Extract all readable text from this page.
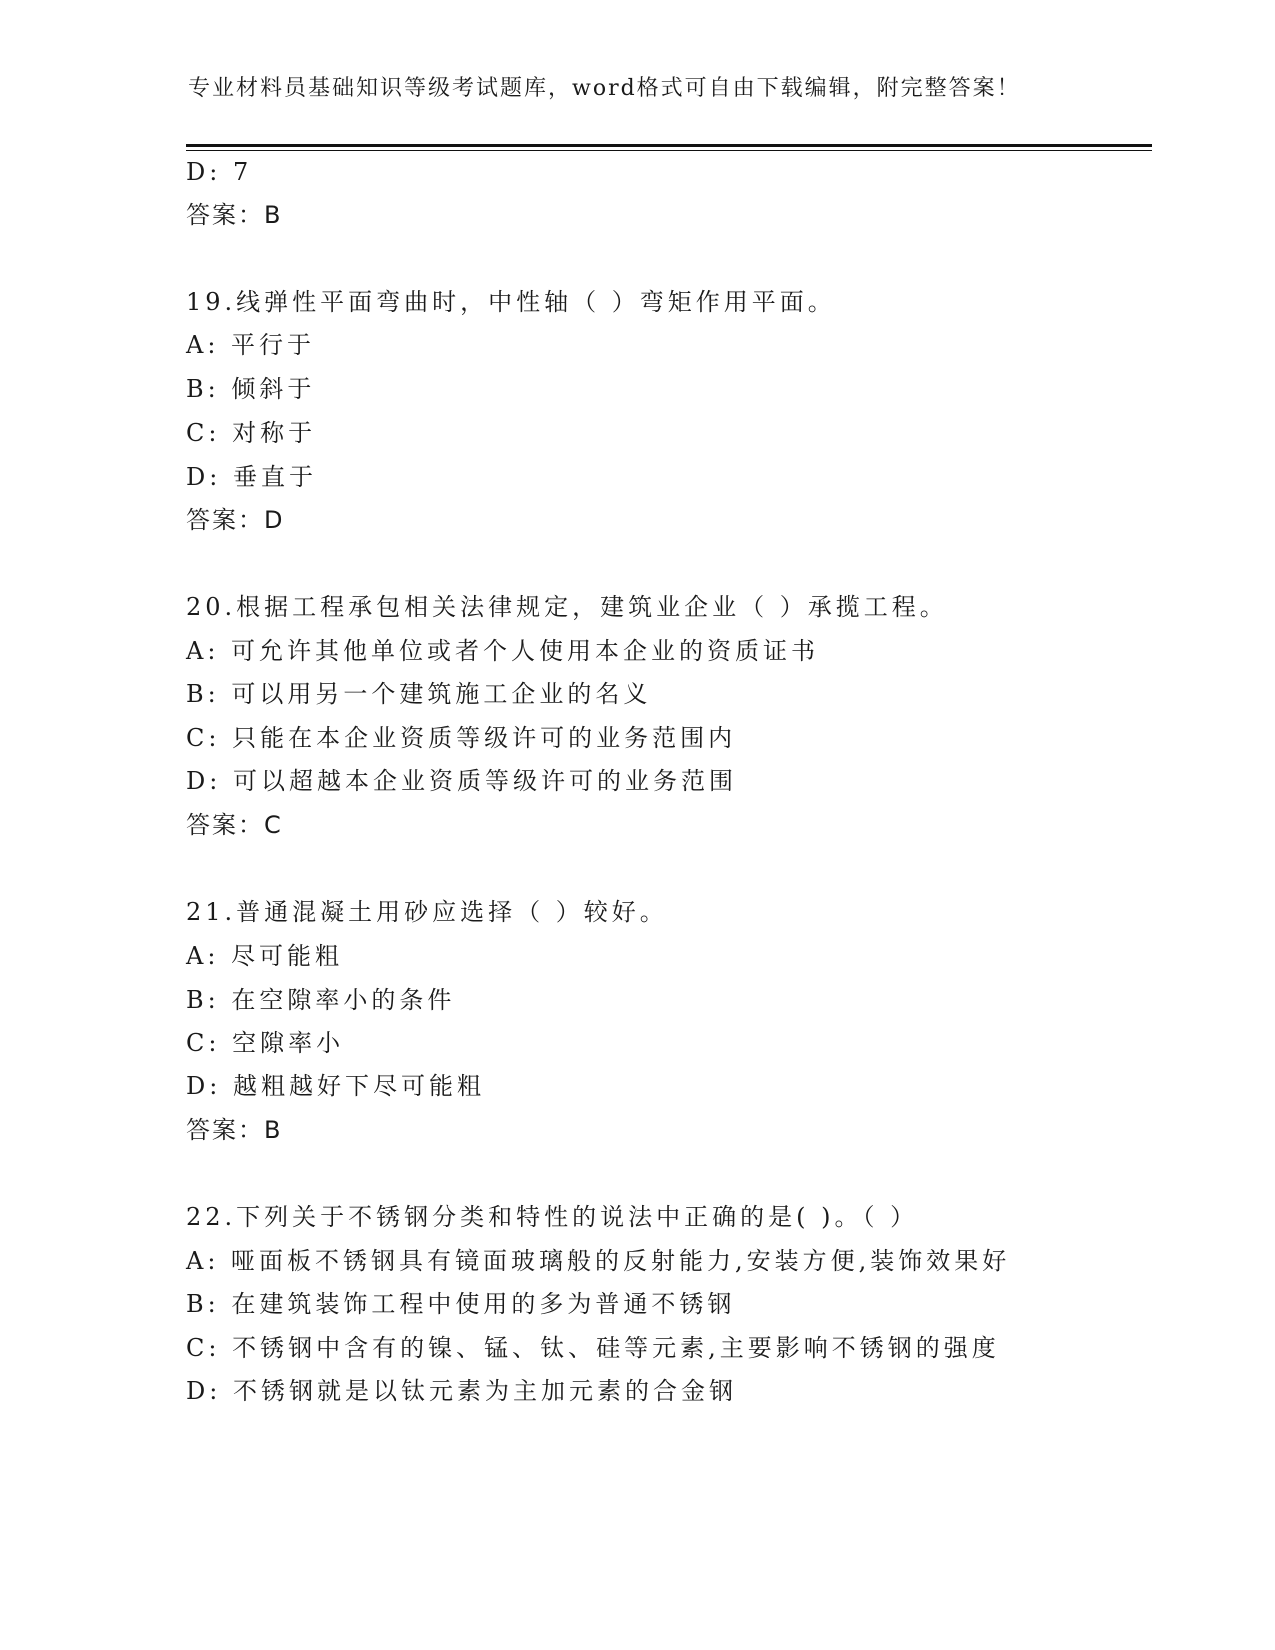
专业材料员基础知识等级考试题库，word格式可自由下载编辑，附完整答案！
D: 7
答案：B
19.线弹性平面弯曲时，中性轴（ ）弯矩作用平面。
A: 平行于
B: 倾斜于
C: 对称于
D: 垂直于
答案：D
20.根据工程承包相关法律规定，建筑业企业（ ）承揽工程。
A: 可允许其他单位或者个人使用本企业的资质证书
B: 可以用另一个建筑施工企业的名义
C: 只能在本企业资质等级许可的业务范围内
D: 可以超越本企业资质等级许可的业务范围
答案：C
21.普通混凝土用砂应选择（ ）较好。
A: 尽可能粗
B: 在空隙率小的条件
C: 空隙率小
D: 越粗越好下尽可能粗
答案：B
22.下列关于不锈钢分类和特性的说法中正确的是( )。（ ）
A: 哑面板不锈钢具有镜面玻璃般的反射能力,安装方便,装饰效果好
B: 在建筑装饰工程中使用的多为普通不锈钢
C: 不锈钢中含有的镍、锰、钛、硅等元素,主要影响不锈钢的强度
D: 不锈钢就是以钛元素为主加元素的合金钢
